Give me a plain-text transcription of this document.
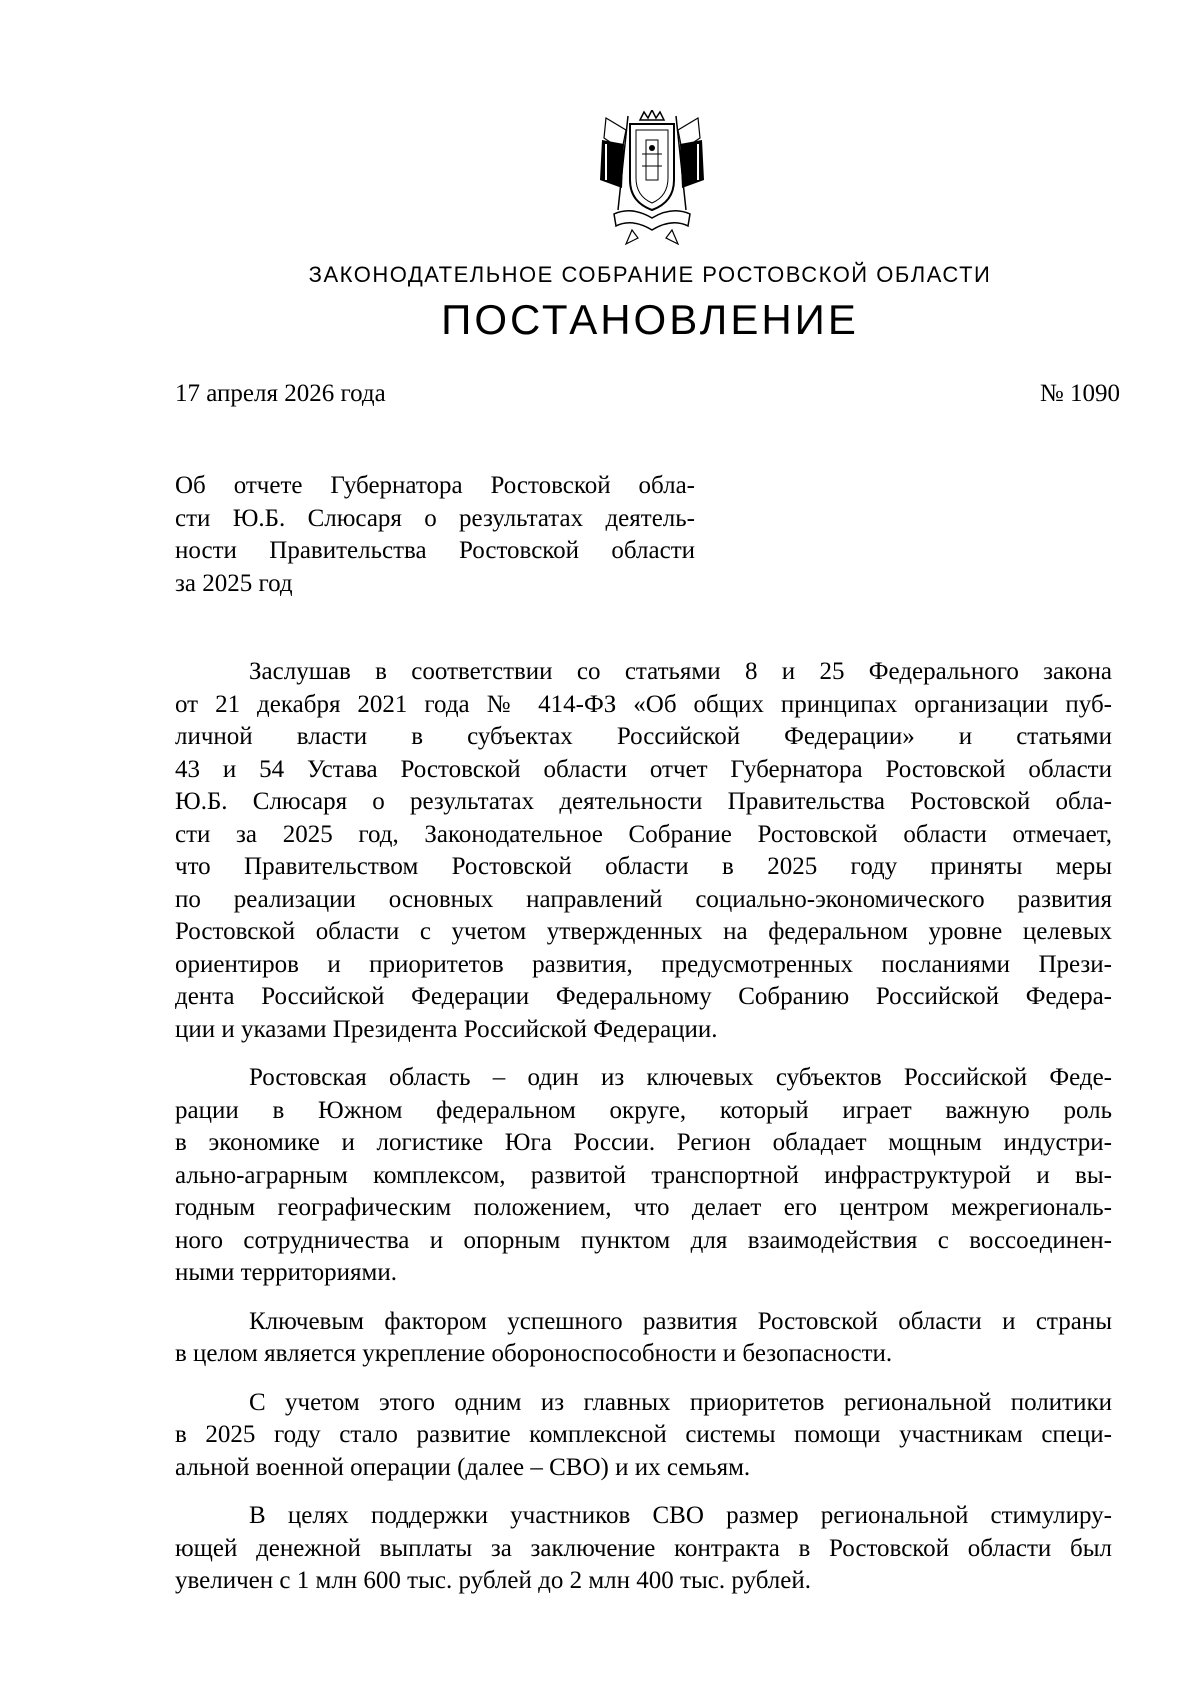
ЗАКОНОДАТЕЛЬНОЕ СОБРАНИЕ РОСТОВСКОЙ ОБЛАСТИ
ПОСТАНОВЛЕНИЕ
17 апреля 2026 года	№ 1090
Об отчете Губернатора Ростовской обла-
сти Ю.Б. Слюсаря о результатах деятель-
ности Правительства Ростовской области
за 2025 год
Заслушав в соответствии со статьями 8 и 25 Федерального закона
от 21 декабря 2021 года № 414-ФЗ «Об общих принципах организации пуб-
личной власти в субъектах Российской Федерации» и статьями
43 и 54 Устава Ростовской области отчет Губернатора Ростовской области
Ю.Б. Слюсаря о результатах деятельности Правительства Ростовской обла-
сти за 2025 год, Законодательное Собрание Ростовской области отмечает,
что Правительством Ростовской области в 2025 году приняты меры
по реализации основных направлений социально-экономического развития
Ростовской области с учетом утвержденных на федеральном уровне целевых
ориентиров и приоритетов развития, предусмотренных посланиями Прези-
дента Российской Федерации Федеральному Собранию Российской Федера-
ции и указами Президента Российской Федерации.
Ростовская область – один из ключевых субъектов Российской Феде-
рации в Южном федеральном округе, который играет важную роль
в экономике и логистике Юга России. Регион обладает мощным индустри-
ально-аграрным комплексом, развитой транспортной инфраструктурой и вы-
годным географическим положением, что делает его центром межрегиональ-
ного сотрудничества и опорным пунктом для взаимодействия с воссоединен-
ными территориями.
Ключевым фактором успешного развития Ростовской области и страны
в целом является укрепление обороноспособности и безопасности.
С учетом этого одним из главных приоритетов региональной политики
в 2025 году стало развитие комплексной системы помощи участникам специ-
альной военной операции (далее – СВО) и их семьям.
В целях поддержки участников СВО размер региональной стимулиру-
ющей денежной выплаты за заключение контракта в Ростовской области был
увеличен с 1 млн 600 тыс. рублей до 2 млн 400 тыс. рублей.
